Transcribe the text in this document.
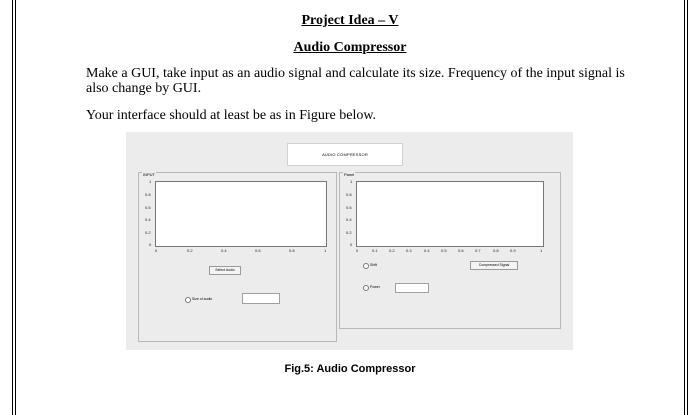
Project Idea – V
Audio Compressor
Make a GUI, take input as an audio signal and calculate its size. Frequency of the input signal is also change by GUI.
Your interface should at least be as in Figure below.
AUDIO COMPRESSOR
INPUT
1
0.8
0.6
0.4
0.2
0
0	0.2	0.4	0.6	0.8	1
Select Audio
Size of audio
Panel
1
0.8
0.6
0.4
0.2
0
0	0.1	0.2	0.3	0.4	0.5	0.6	0.7	0.8	0.9	1
Shift	Compressed Signal
Power
Fig.5: Audio Compressor
